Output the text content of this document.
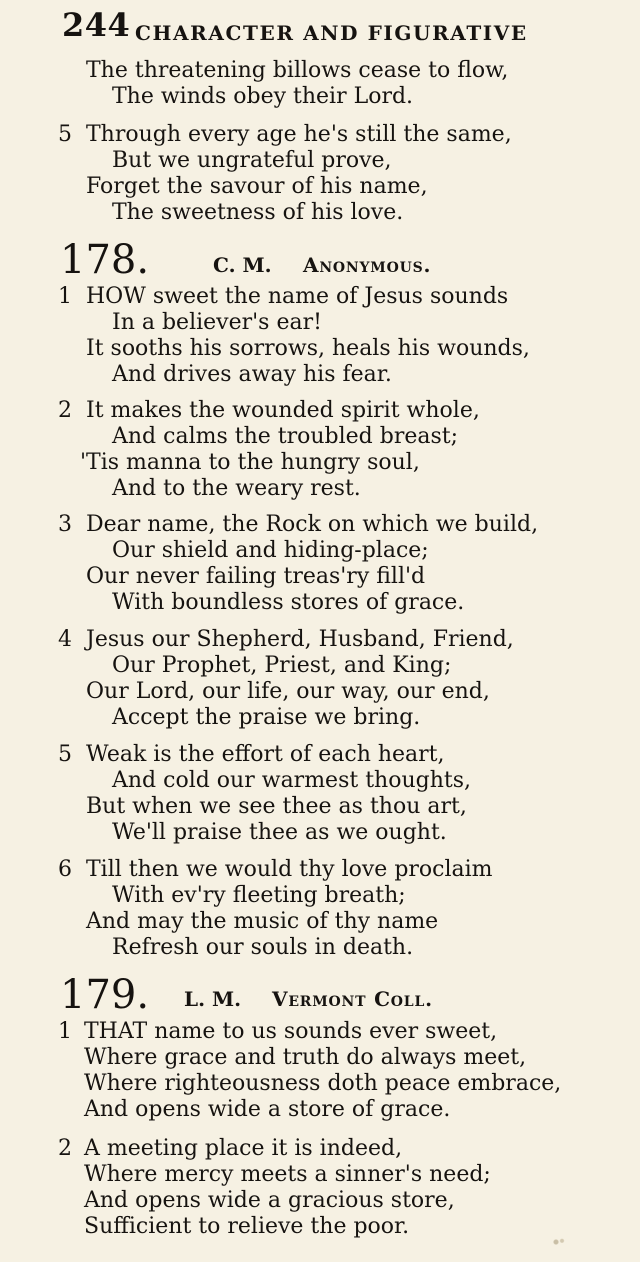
244 CHARACTER AND FIGURATIVE
The threatening billows cease to flow,
The winds obey their Lord.
5 Through every age he's still the same,
But we ungrateful prove,
Forget the savour of his name,
The sweetness of his love.
178.	C. M. Anonymous.
1 HOW sweet the name of Jesus sounds
In a believer's ear!
It sooths his sorrows, heals his wounds,
And drives away his fear.
2 It makes the wounded spirit whole,
And calms the troubled breast;
'Tis manna to the hungry soul,
And to the weary rest.
3 Dear name, the Rock on which we build,
Our shield and hiding-place;
Our never failing treas'ry fill'd
With boundless stores of grace.
4 Jesus our Shepherd, Husband, Friend,
Our Prophet, Priest, and King;
Our Lord, our life, our way, our end,
Accept the praise we bring.
5 Weak is the effort of each heart,
And cold our warmest thoughts,
But when we see thee as thou art,
We'll praise thee as we ought.
6 Till then we would thy love proclaim
With ev'ry fleeting breath;
And may the music of thy name
Refresh our souls in death.
179. L. M. Vermont Coll.
1 THAT name to us sounds ever sweet,
Where grace and truth do always meet,
Where righteousness doth peace embrace,
And opens wide a store of grace.
2 A meeting place it is indeed,
Where mercy meets a sinner's need;
And opens wide a gracious store,
Sufficient to relieve the poor.
